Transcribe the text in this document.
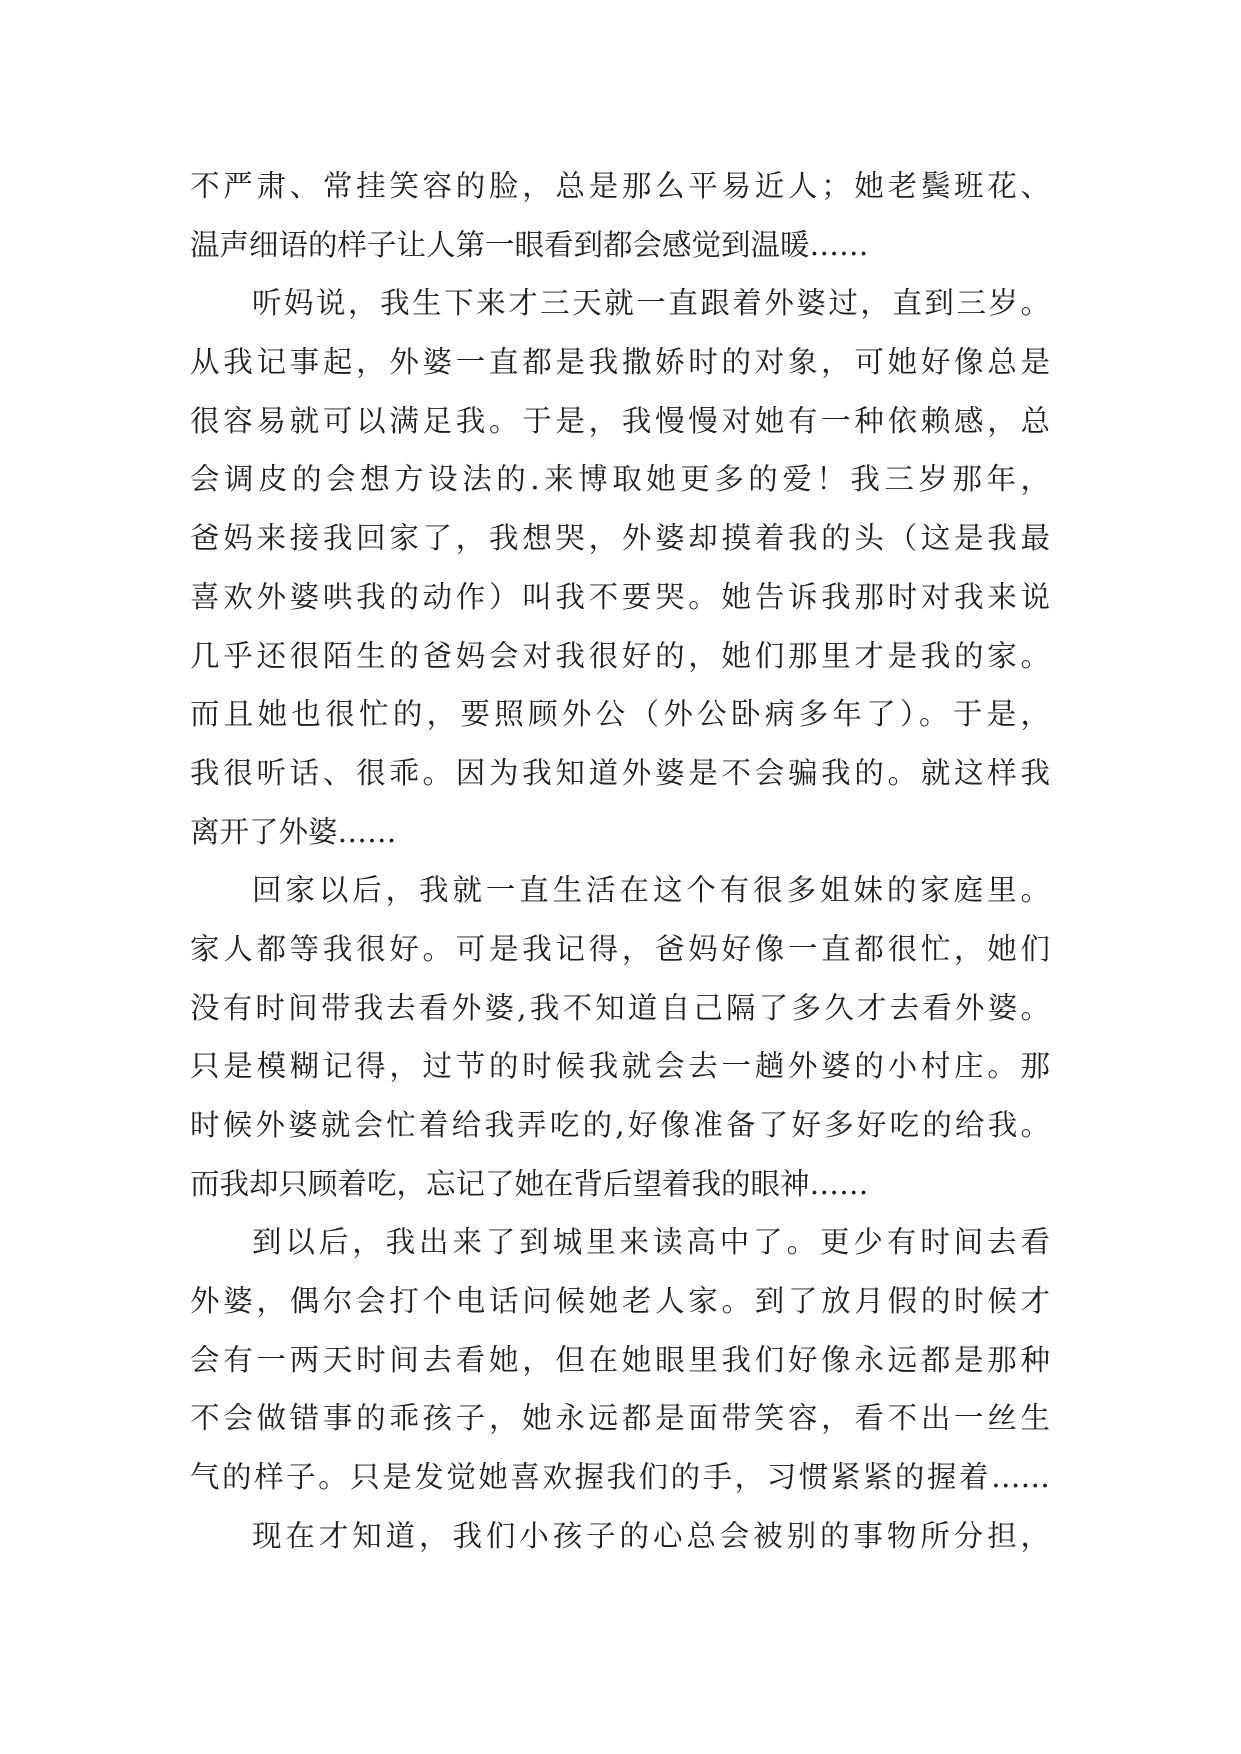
不严肃、常挂笑容的脸，总是那么平易近人；她老鬓班花、
温声细语的样子让人第一眼看到都会感觉到温暖……
听妈说，我生下来才三天就一直跟着外婆过，直到三岁。
从我记事起，外婆一直都是我撒娇时的对象，可她好像总是
很容易就可以满足我。于是，我慢慢对她有一种依赖感，总
会调皮的会想方设法的.来博取她更多的爱！我三岁那年，
爸妈来接我回家了，我想哭，外婆却摸着我的头（这是我最
喜欢外婆哄我的动作）叫我不要哭。她告诉我那时对我来说
几乎还很陌生的爸妈会对我很好的，她们那里才是我的家。
而且她也很忙的，要照顾外公（外公卧病多年了）。于是，
我很听话、很乖。因为我知道外婆是不会骗我的。就这样我
离开了外婆……
回家以后，我就一直生活在这个有很多姐妹的家庭里。
家人都等我很好。可是我记得，爸妈好像一直都很忙，她们
没有时间带我去看外婆,我不知道自己隔了多久才去看外婆。
只是模糊记得，过节的时候我就会去一趟外婆的小村庄。那
时候外婆就会忙着给我弄吃的,好像准备了好多好吃的给我。
而我却只顾着吃，忘记了她在背后望着我的眼神……
到以后，我出来了到城里来读高中了。更少有时间去看
外婆，偶尔会打个电话问候她老人家。到了放月假的时候才
会有一两天时间去看她，但在她眼里我们好像永远都是那种
不会做错事的乖孩子，她永远都是面带笑容，看不出一丝生
气的样子。只是发觉她喜欢握我们的手，习惯紧紧的握着……
现在才知道，我们小孩子的心总会被别的事物所分担，
